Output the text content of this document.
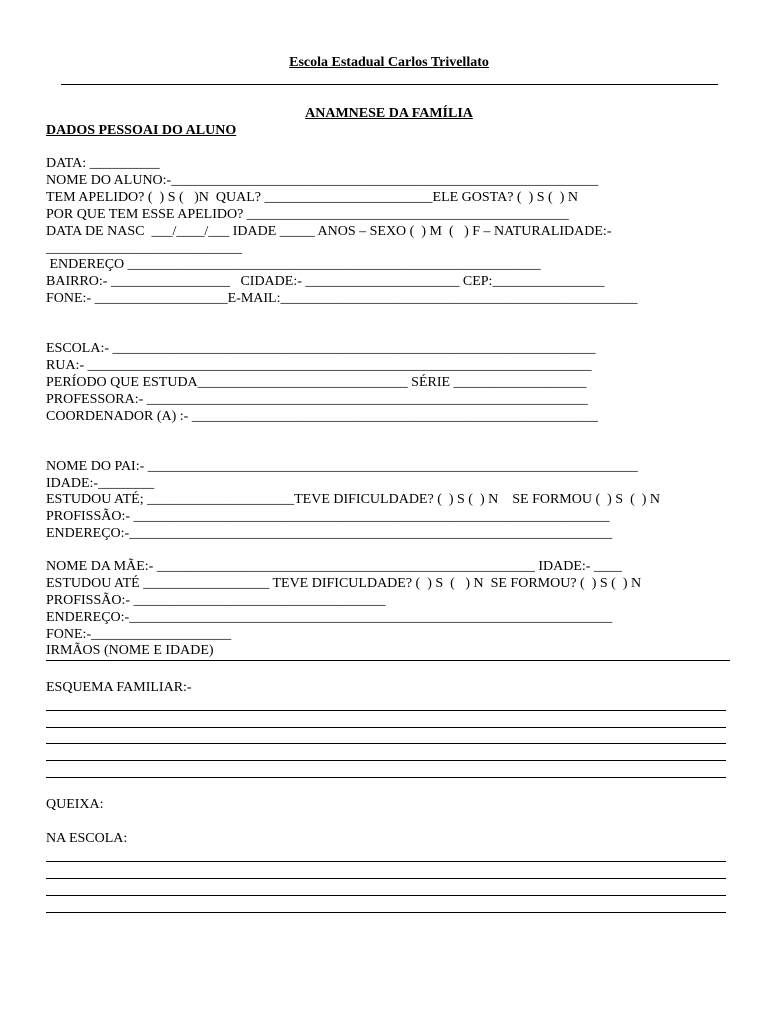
Escola Estadual Carlos Trivellato
ANAMNESE DA FAMÍLIA
DADOS PESSOAI DO ALUNO
DATA: __________
NOME DO ALUNO:-_____________________________________________________________
TEM APELIDO? (  ) S (   )N  QUAL? ________________________ELE GOSTA? (  ) S (  ) N
POR QUE TEM ESSE APELIDO? ______________________________________________
DATA DE NASC  ___/____/___ IDADE _____ ANOS – SEXO (  ) M  (   ) F – NATURALIDADE:-
____________________________
ENDEREÇO ___________________________________________________________
BAIRRO:- _________________   CIDADE:- ______________________ CEP:________________
FONE:- ___________________E-MAIL:___________________________________________________
ESCOLA:- _____________________________________________________________________
RUA:- ________________________________________________________________________
PERÍODO QUE ESTUDA______________________________ SÉRIE ___________________
PROFESSORA:- _______________________________________________________________
COORDENADOR (A) :- __________________________________________________________
NOME DO PAI:- ______________________________________________________________________
IDADE:-________
ESTUDOU ATÉ; _____________________TEVE DIFICULDADE? (  ) S (  ) N    SE FORMOU (  ) S  (  ) N
PROFISSÃO:- ____________________________________________________________________
ENDEREÇO:-_____________________________________________________________________
NOME DA MÃE:- ______________________________________________________ IDADE:- ____
ESTUDOU ATÉ __________________ TEVE DIFICULDADE? (  ) S  (   ) N  SE FORMOU? (  ) S (  ) N
PROFISSÃO:- ____________________________________
ENDEREÇO:-_____________________________________________________________________
FONE:-____________________
IRMÃOS (NOME E IDADE)
ESQUEMA FAMILIAR:-
QUEIXA:
NA ESCOLA:
